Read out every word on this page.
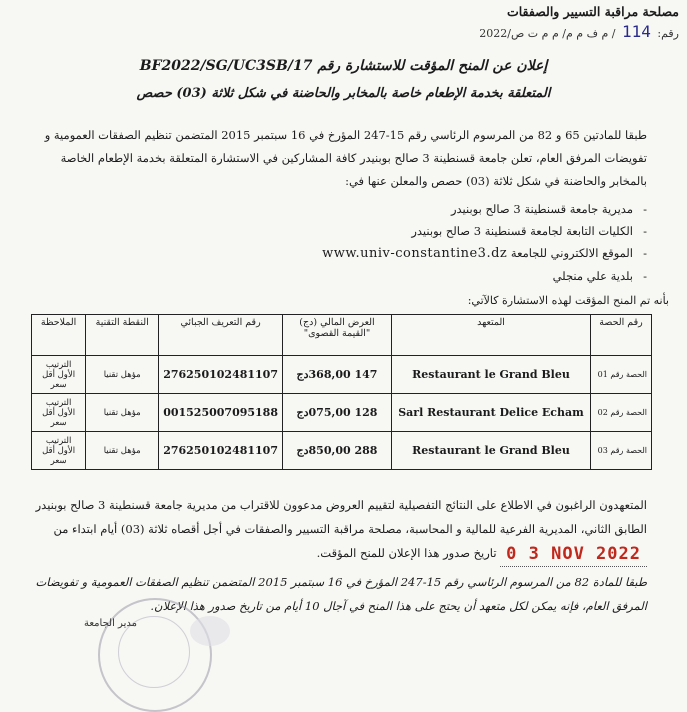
مصلحة مراقبة التسيير والصفقات
رقم: 114 / م ف م م/ م م ت ص/2022
إعلان عن المنح المؤقت للاستشارة رقم BF2022/SG/UC3SB/17
المتعلقة بخدمة الإطعام خاصة بالمخابر والحاضنة في شكل ثلاثة (03) حصص
طبقا للمادتين 65 و 82 من المرسوم الرئاسي رقم 15-247 المؤرخ في 16 سبتمبر 2015 المتضمن تنظيم الصفقات العمومية و تفويضات المرفق العام، تعلن جامعة قسنطينة 3 صالح بوبنيدر كافة المشاركين في الاستشارة المتعلقة بخدمة الإطعام الخاصة بالمخابر والحاضنة في شكل ثلاثة (03) حصص والمعلن عنها في:
- مديرية جامعة قسنطينة 3 صالح بوبنيدر
- الكليات التابعة لجامعة قسنطينة 3 صالح بوبنيدر
- الموقع الالكتروني للجامعة www.univ-constantine3.dz
- بلدية علي منجلي
بأنه تم المنح المؤقت لهذه الاستشارة كالآتي:
رقم الحصة	المتعهد	العرض المالي (دج) "القيمة القصوى"	رقم التعريف الجبائي	النقطة التقنية	الملاحظة
الحصة رقم 01	Restaurant le Grand Bleu	147 368,00دج	276250102481107	مؤهل تقنيا	الترتيب الأول أقل سعر
الحصة رقم 02	Sarl Restaurant Delice Echam	128 075,00دج	001525007095188	مؤهل تقنيا	الترتيب الأول أقل سعر
الحصة رقم 03	Restaurant le Grand Bleu	288 850,00دج	276250102481107	مؤهل تقنيا	الترتيب الأول أقل سعر
المتعهدون الراغبون في الاطلاع على النتائج التفصيلية لتقييم العروض مدعوون للاقتراب من مديرية جامعة قسنطينة 3 صالح بوبنيدر الطابق الثاني، المديرية الفرعية للمالية و المحاسبة، مصلحة مراقبة التسيير والصفقات في أجل أقصاه ثلاثة (03) أيام ابتداء من 0 3 NOV 2022 تاريخ صدور هذا الإعلان للمنح المؤقت.
طبقا للمادة 82 من المرسوم الرئاسي رقم 15-247 المؤرخ في 16 سبتمبر 2015 المتضمن تنظيم الصفقات العمومية و تفويضات المرفق العام، فإنه يمكن لكل متعهد أن يحتج على هذا المنح في آجال 10 أيام من تاريخ صدور هذا الإعلان.
مدير الجامعة
